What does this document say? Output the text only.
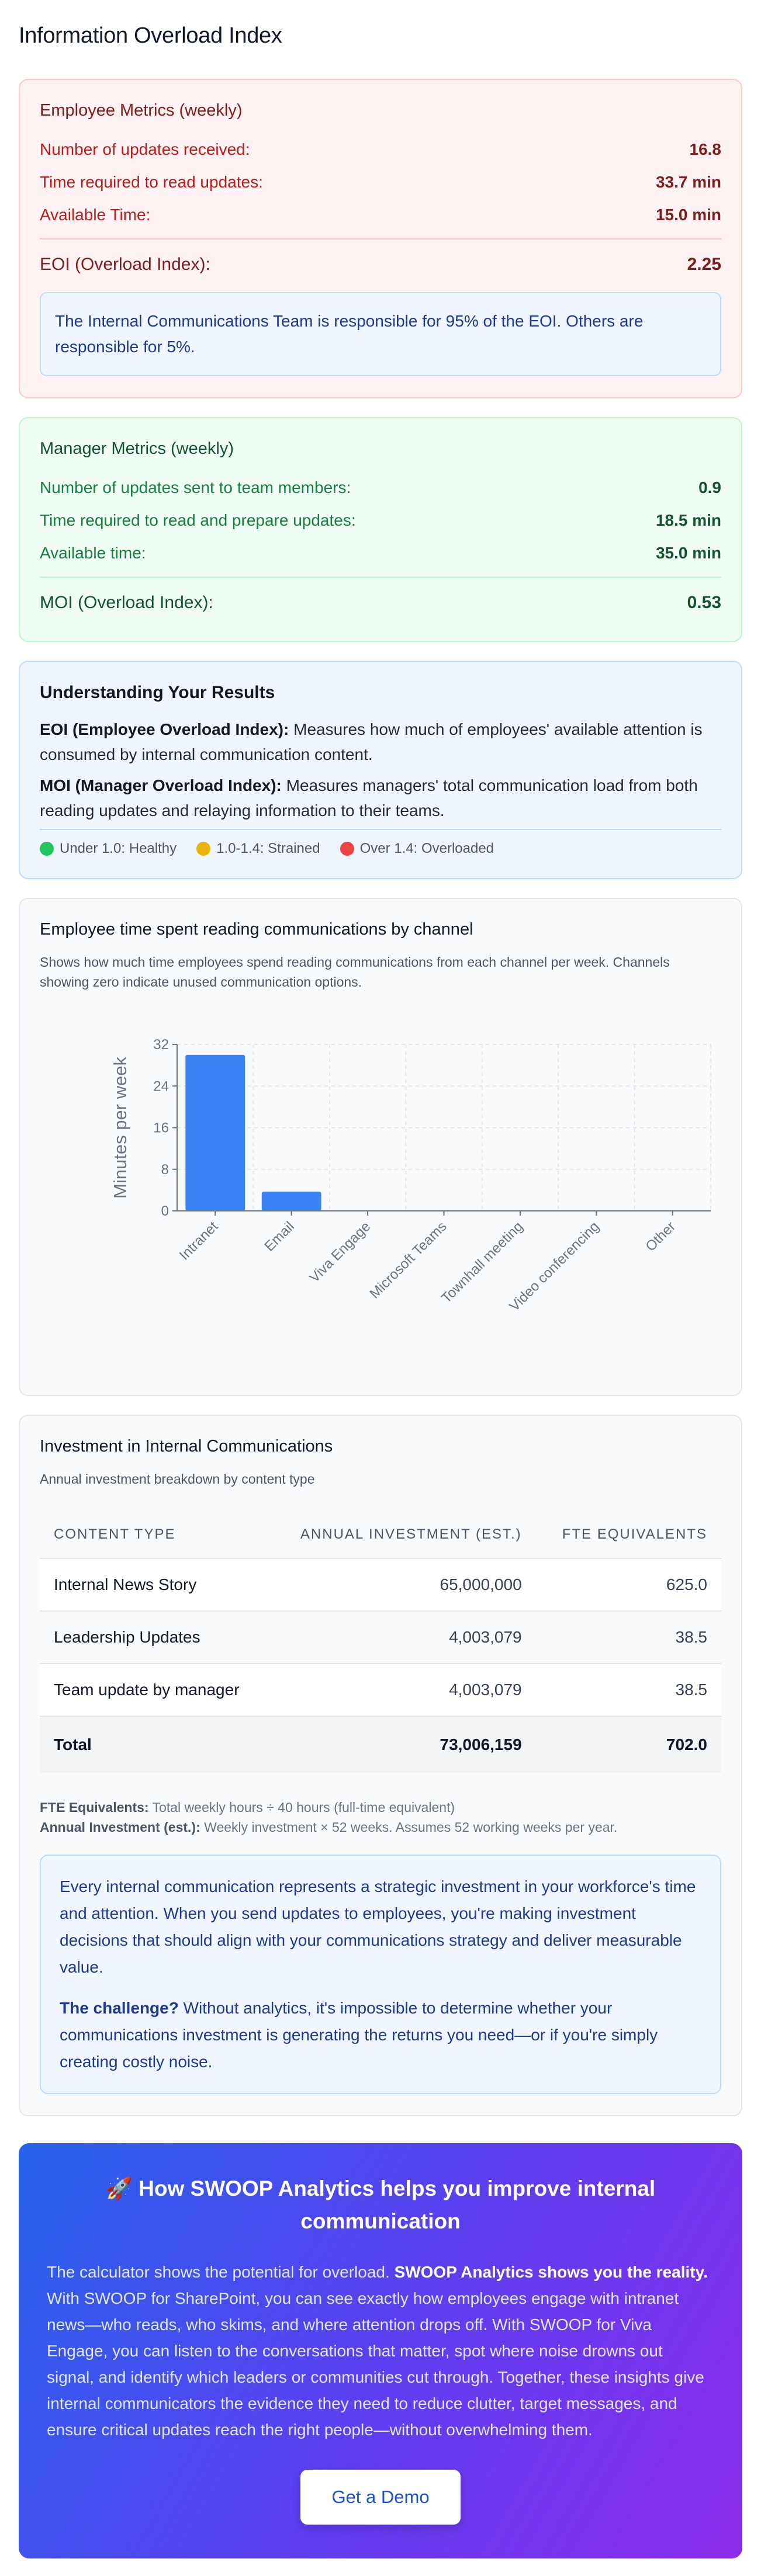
Information Overload Index
Employee Metrics (weekly)
Number of updates received:	16.8
Time required to read updates:	33.7 min
Available Time:	15.0 min
EOI (Overload Index):	2.25
The Internal Communications Team is responsible for 95% of the EOI. Others are responsible for 5%.
Manager Metrics (weekly)
Number of updates sent to team members:	0.9
Time required to read and prepare updates:	18.5 min
Available time:	35.0 min
MOI (Overload Index):	0.53
Understanding Your Results

EOI (Employee Overload Index): Measures how much of employees' available attention is consumed by internal communication content.

MOI (Manager Overload Index): Measures managers' total communication load from both reading updates and relaying information to their teams.

Under 1.0: Healthy	1.0-1.4: Strained	Over 1.4: Overloaded
Employee time spent reading communications by channel
Shows how much time employees spend reading communications from each channel per week. Channels showing zero indicate unused communication options.
0
8
16
24
32
Intranet	Email Viva Engage
Microsoft Teams
Townhall meeting
Video conferencing	Other
Minutes per week
Investment in Internal Communications
Annual investment breakdown by content type
CONTENT TYPE	ANNUAL INVESTMENT (EST.)	FTE EQUIVALENTS
Internal News Story	65,000,000	625.0
Leadership Updates	4,003,079	38.5
Team update by manager	4,003,079	38.5
Total	73,006,159	702.0
FTE Equivalents: Total weekly hours ÷ 40 hours (full-time equivalent)
Annual Investment (est.): Weekly investment × 52 weeks. Assumes 52 working weeks per year.

Every internal communication represents a strategic investment in your workforce's time and attention. When you send updates to employees, you're making investment decisions that should align with your communications strategy and deliver measurable value.

The challenge? Without analytics, it's impossible to determine whether your communications investment is generating the returns you need—or if you're simply creating costly noise.

🚀 How SWOOP Analytics helps you improve internal communication
The calculator shows the potential for overload. SWOOP Analytics shows you the reality. With SWOOP for SharePoint, you can see exactly how employees engage with intranet news—who reads, who skims, and where attention drops off. With SWOOP for Viva Engage, you can listen to the conversations that matter, spot where noise drowns out signal, and identify which leaders or communities cut through. Together, these insights give internal communicators the evidence they need to reduce clutter, target messages, and ensure critical updates reach the right people—without overwhelming them.
Get a Demo
